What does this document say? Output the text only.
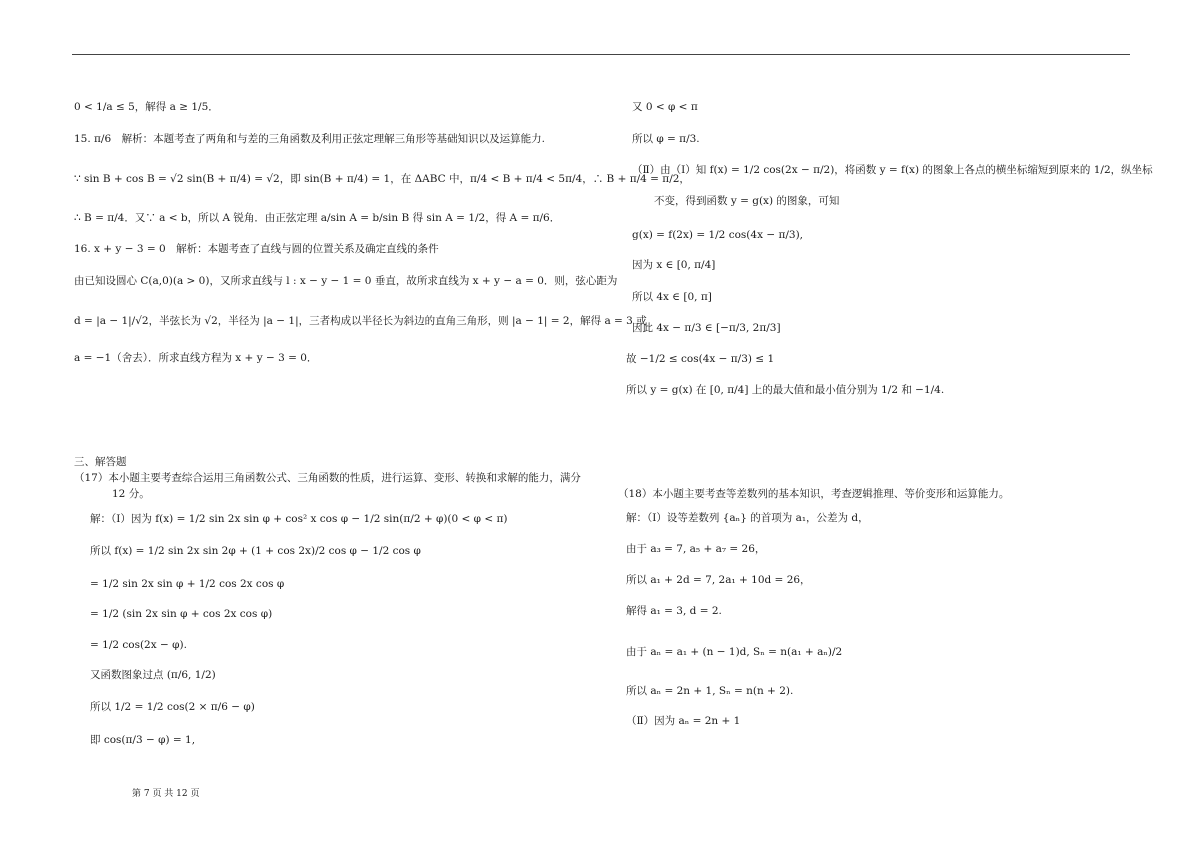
0 < 1/a ≤ 5，解得 a ≥ 1/5．
15. π/6　解析：本题考查了两角和与差的三角函数及利用正弦定理解三角形等基础知识以及运算能力.
∵ sin B + cos B = √2 sin(B + π/4) = √2，即 sin(B + π/4) = 1，在 ΔABC 中，π/4 < B + π/4 < 5π/4，∴ B + π/4 = π/2，
∴ B = π/4．又∵ a < b，所以 A 锐角．由正弦定理 a/sin A = b/sin B 得 sin A = 1/2，得 A = π/6．
16. x + y − 3 = 0　解析：本题考查了直线与圆的位置关系及确定直线的条件
由已知设圆心 C(a,0)(a > 0)，又所求直线与 l : x − y − 1 = 0 垂直，故所求直线为 x + y − a = 0．则，弦心距为
d = |a − 1|/√2，半弦长为 √2，半径为 |a − 1|，三者构成以半径长为斜边的直角三角形，则 |a − 1| = 2，解得 a = 3 或
a = −1（舍去）．所求直线方程为 x + y − 3 = 0．
三、解答题
（17）本小题主要考查综合运用三角函数公式、三角函数的性质，进行运算、变形、转换和求解的能力，满分
12 分。
解：（Ⅰ）因为 f(x) = 1/2 sin 2x sin φ + cos² x cos φ − 1/2 sin(π/2 + φ)(0 < φ < π)
所以 f(x) = 1/2 sin 2x sin 2φ + (1 + cos 2x)/2 cos φ − 1/2 cos φ
= 1/2 sin 2x sin φ + 1/2 cos 2x cos φ
= 1/2 (sin 2x sin φ + cos 2x cos φ)
= 1/2 cos(2x − φ).
又函数图象过点 (π/6, 1/2)
所以 1/2 = 1/2 cos(2 × π/6 − φ)
即 cos(π/3 − φ) = 1,
又 0 < φ < π
所以 φ = π/3.
（Ⅱ）由（Ⅰ）知 f(x) = 1/2 cos(2x − π/2)，将函数 y = f(x) 的图象上各点的横坐标缩短到原来的 1/2，纵坐标
不变，得到函数 y = g(x) 的图象，可知
g(x) = f(2x) = 1/2 cos(4x − π/3),
因为 x ∈ [0, π/4]
所以 4x ∈ [0, π]
因此 4x − π/3 ∈ [−π/3, 2π/3]
故 −1/2 ≤ cos(4x − π/3) ≤ 1
所以 y = g(x) 在 [0, π/4] 上的最大值和最小值分别为 1/2 和 −1/4.
（18）本小题主要考查等差数列的基本知识，考查逻辑推理、等价变形和运算能力。
解：（Ⅰ）设等差数列 {aₙ} 的首项为 a₁，公差为 d，
由于 a₃ = 7, a₅ + a₇ = 26，
所以 a₁ + 2d = 7, 2a₁ + 10d = 26，
解得 a₁ = 3, d = 2.
由于 aₙ = a₁ + (n − 1)d, Sₙ = n(a₁ + aₙ)/2
所以 aₙ = 2n + 1, Sₙ = n(n + 2).
（Ⅱ）因为 aₙ = 2n + 1
第 7 页 共 12 页
